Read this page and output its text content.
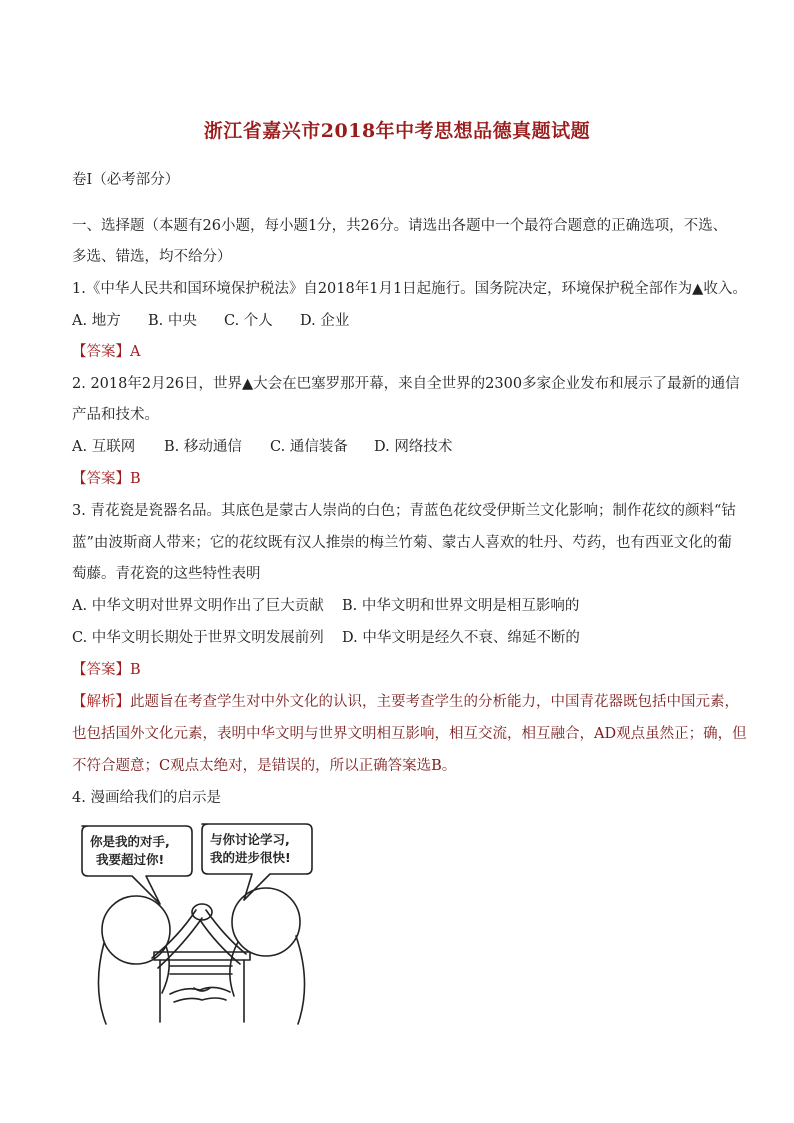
浙江省嘉兴市2018年中考思想品德真题试题
卷Ⅰ（必考部分）
一、选择题（本题有26小题，每小题1分，共26分。请选出各题中一个最符合题意的正确选项，不选、
多选、错选，均不给分）
1.《中华人民共和国环境保护税法》自2018年1月1日起施行。国务院决定，环境保护税全部作为▲收入。
A. 地方 B. 中央 C. 个人 D. 企业
【答案】A
2. 2018年2月26日，世界▲大会在巴塞罗那开幕，来自全世界的2300多家企业发布和展示了最新的通信
产品和技术。
A. 互联网 B. 移动通信 C. 通信装备 D. 网络技术
【答案】B
3. 青花瓷是瓷器名品。其底色是蒙古人崇尚的白色；青蓝色花纹受伊斯兰文化影响；制作花纹的颜料“钴
蓝”由波斯商人带来；它的花纹既有汉人推崇的梅兰竹菊、蒙古人喜欢的牡丹、芍药，也有西亚文化的葡
萄藤。青花瓷的这些特性表明
A. 中华文明对世界文明作出了巨大贡献 B. 中华文明和世界文明是相互影响的
C. 中华文明长期处于世界文明发展前列 D. 中华文明是经久不衰、绵延不断的
【答案】B
【解析】此题旨在考查学生对中外文化的认识，主要考查学生的分析能力，中国青花器既包括中国元素，
也包括国外文化元素，表明中华文明与世界文明相互影响，相互交流，相互融合，AD观点虽然正；确，但
不符合题意；C观点太绝对，是错误的，所以正确答案选B。
4. 漫画给我们的启示是
你是我的对手,
我要超过你!
与你讨论学习,
我的进步很快!
